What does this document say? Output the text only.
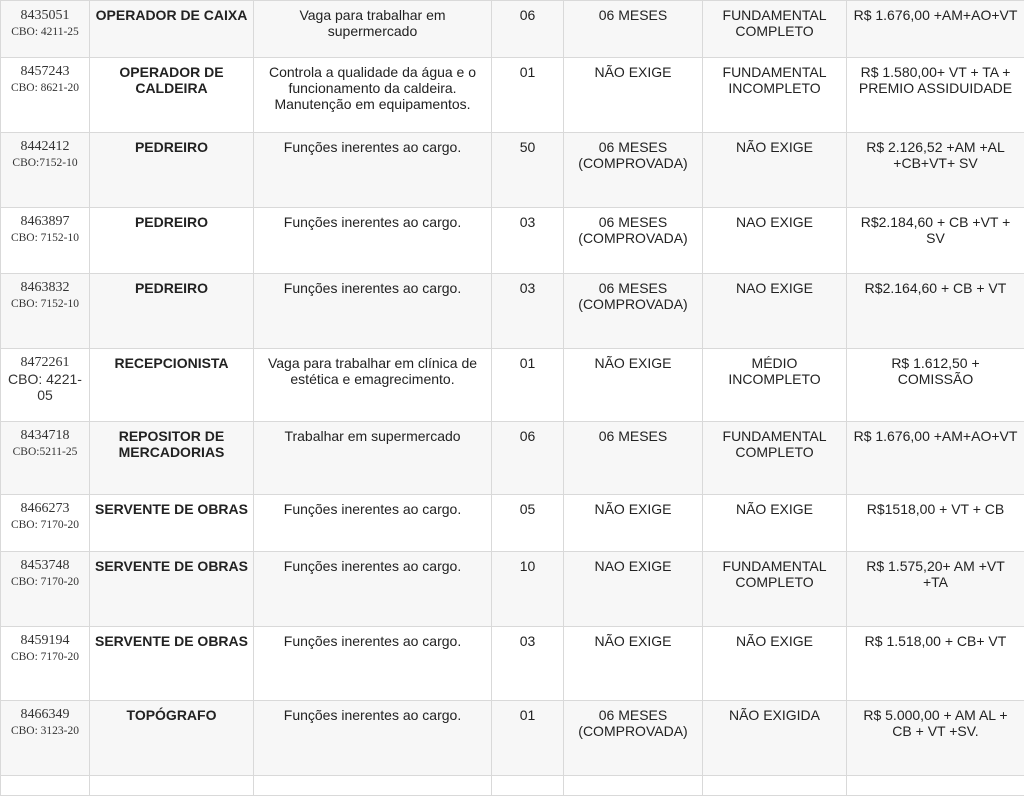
8435051
CBO: 4211-25	OPERADOR DE CAIXA	Vaga para trabalhar em supermercado	06	06 MESES	FUNDAMENTAL COMPLETO	R$ 1.676,00 +AM+AO+VT

8457243
CBO: 8621-20	OPERADOR DE CALDEIRA	Controla a qualidade da água e o funcionamento da caldeira. Manutenção em equipamentos.	01	NÃO EXIGE	FUNDAMENTAL INCOMPLETO	R$ 1.580,00+ VT + TA + PREMIO ASSIDUIDADE

8442412
CBO:7152-10	PEDREIRO	Funções inerentes ao cargo.	50	06 MESES (COMPROVADA)	NÃO EXIGE	R$ 2.126,52 +AM +AL +CB+VT+ SV

8463897
CBO: 7152-10	PEDREIRO	Funções inerentes ao cargo.	03	06 MESES (COMPROVADA)	NAO EXIGE	R$2.184,60 + CB +VT + SV

8463832
CBO: 7152-10	PEDREIRO	Funções inerentes ao cargo.	03	06 MESES (COMPROVADA)	NAO EXIGE	R$2.164,60 + CB + VT

8472261
CBO: 4221-05	RECEPCIONISTA	Vaga para trabalhar em clínica de estética e emagrecimento.	01	NÃO EXIGE	MÉDIO INCOMPLETO	R$ 1.612,50 + COMISSÃO

8434718
CBO:5211-25	REPOSITOR DE MERCADORIAS	Trabalhar em supermercado	06	06 MESES	FUNDAMENTAL COMPLETO	R$ 1.676,00 +AM+AO+VT

8466273
CBO: 7170-20	SERVENTE DE OBRAS	Funções inerentes ao cargo.	05	NÃO EXIGE	NÃO EXIGE	R$1518,00 + VT + CB

8453748
CBO: 7170-20	SERVENTE DE OBRAS	Funções inerentes ao cargo.	10	NAO EXIGE	FUNDAMENTAL COMPLETO	R$ 1.575,20+ AM +VT +TA

8459194
CBO: 7170-20	SERVENTE DE OBRAS	Funções inerentes ao cargo.	03	NÃO EXIGE	NÃO EXIGE	R$ 1.518,00 + CB+ VT

8466349
CBO: 3123-20	TOPÓGRAFO	Funções inerentes ao cargo.	01	06 MESES (COMPROVADA)	NÃO EXIGIDA	R$ 5.000,00 + AM AL + CB + VT +SV.
